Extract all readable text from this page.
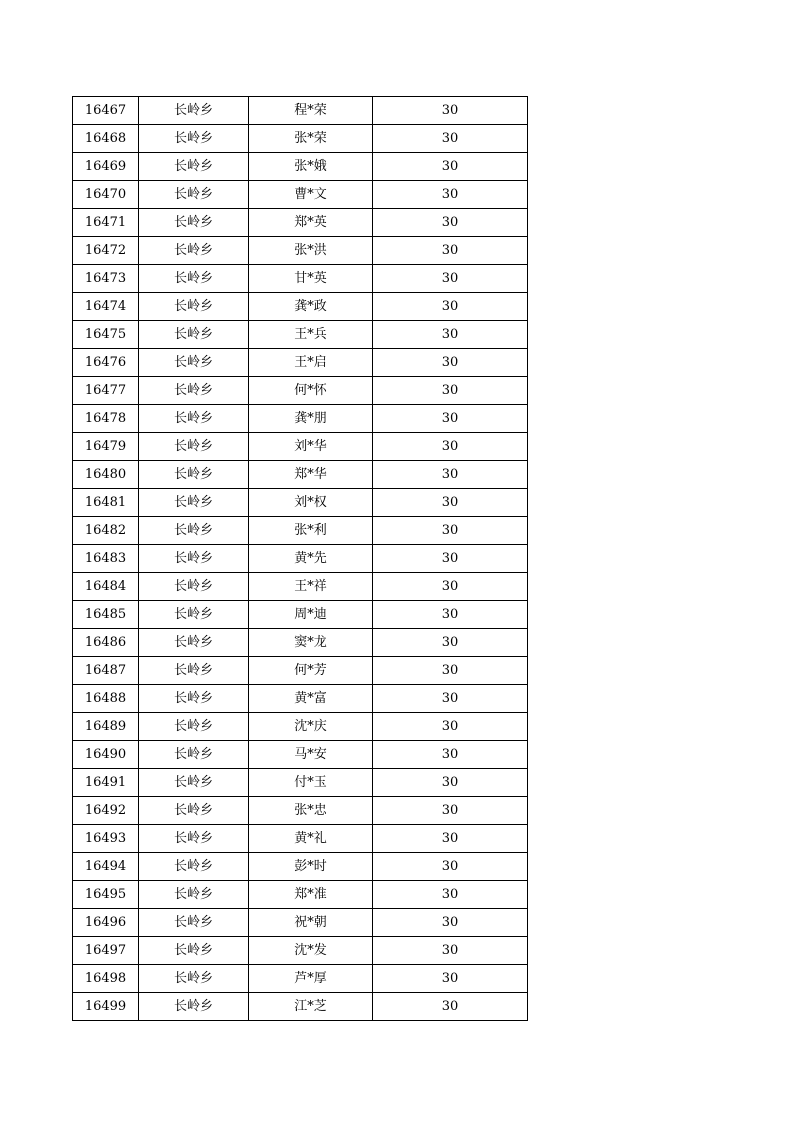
16467	长岭乡	程*荣	30
16468	长岭乡	张*荣	30
16469	长岭乡	张*娥	30
16470	长岭乡	曹*文	30
16471	长岭乡	郑*英	30
16472	长岭乡	张*洪	30
16473	长岭乡	甘*英	30
16474	长岭乡	龚*政	30
16475	长岭乡	王*兵	30
16476	长岭乡	王*启	30
16477	长岭乡	何*怀	30
16478	长岭乡	龚*朋	30
16479	长岭乡	刘*华	30
16480	长岭乡	郑*华	30
16481	长岭乡	刘*权	30
16482	长岭乡	张*利	30
16483	长岭乡	黄*先	30
16484	长岭乡	王*祥	30
16485	长岭乡	周*迪	30
16486	长岭乡	窦*龙	30
16487	长岭乡	何*芳	30
16488	长岭乡	黄*富	30
16489	长岭乡	沈*庆	30
16490	长岭乡	马*安	30
16491	长岭乡	付*玉	30
16492	长岭乡	张*忠	30
16493	长岭乡	黄*礼	30
16494	长岭乡	彭*时	30
16495	长岭乡	郑*准	30
16496	长岭乡	祝*朝	30
16497	长岭乡	沈*发	30
16498	长岭乡	芦*厚	30
16499	长岭乡	江*芝	30
